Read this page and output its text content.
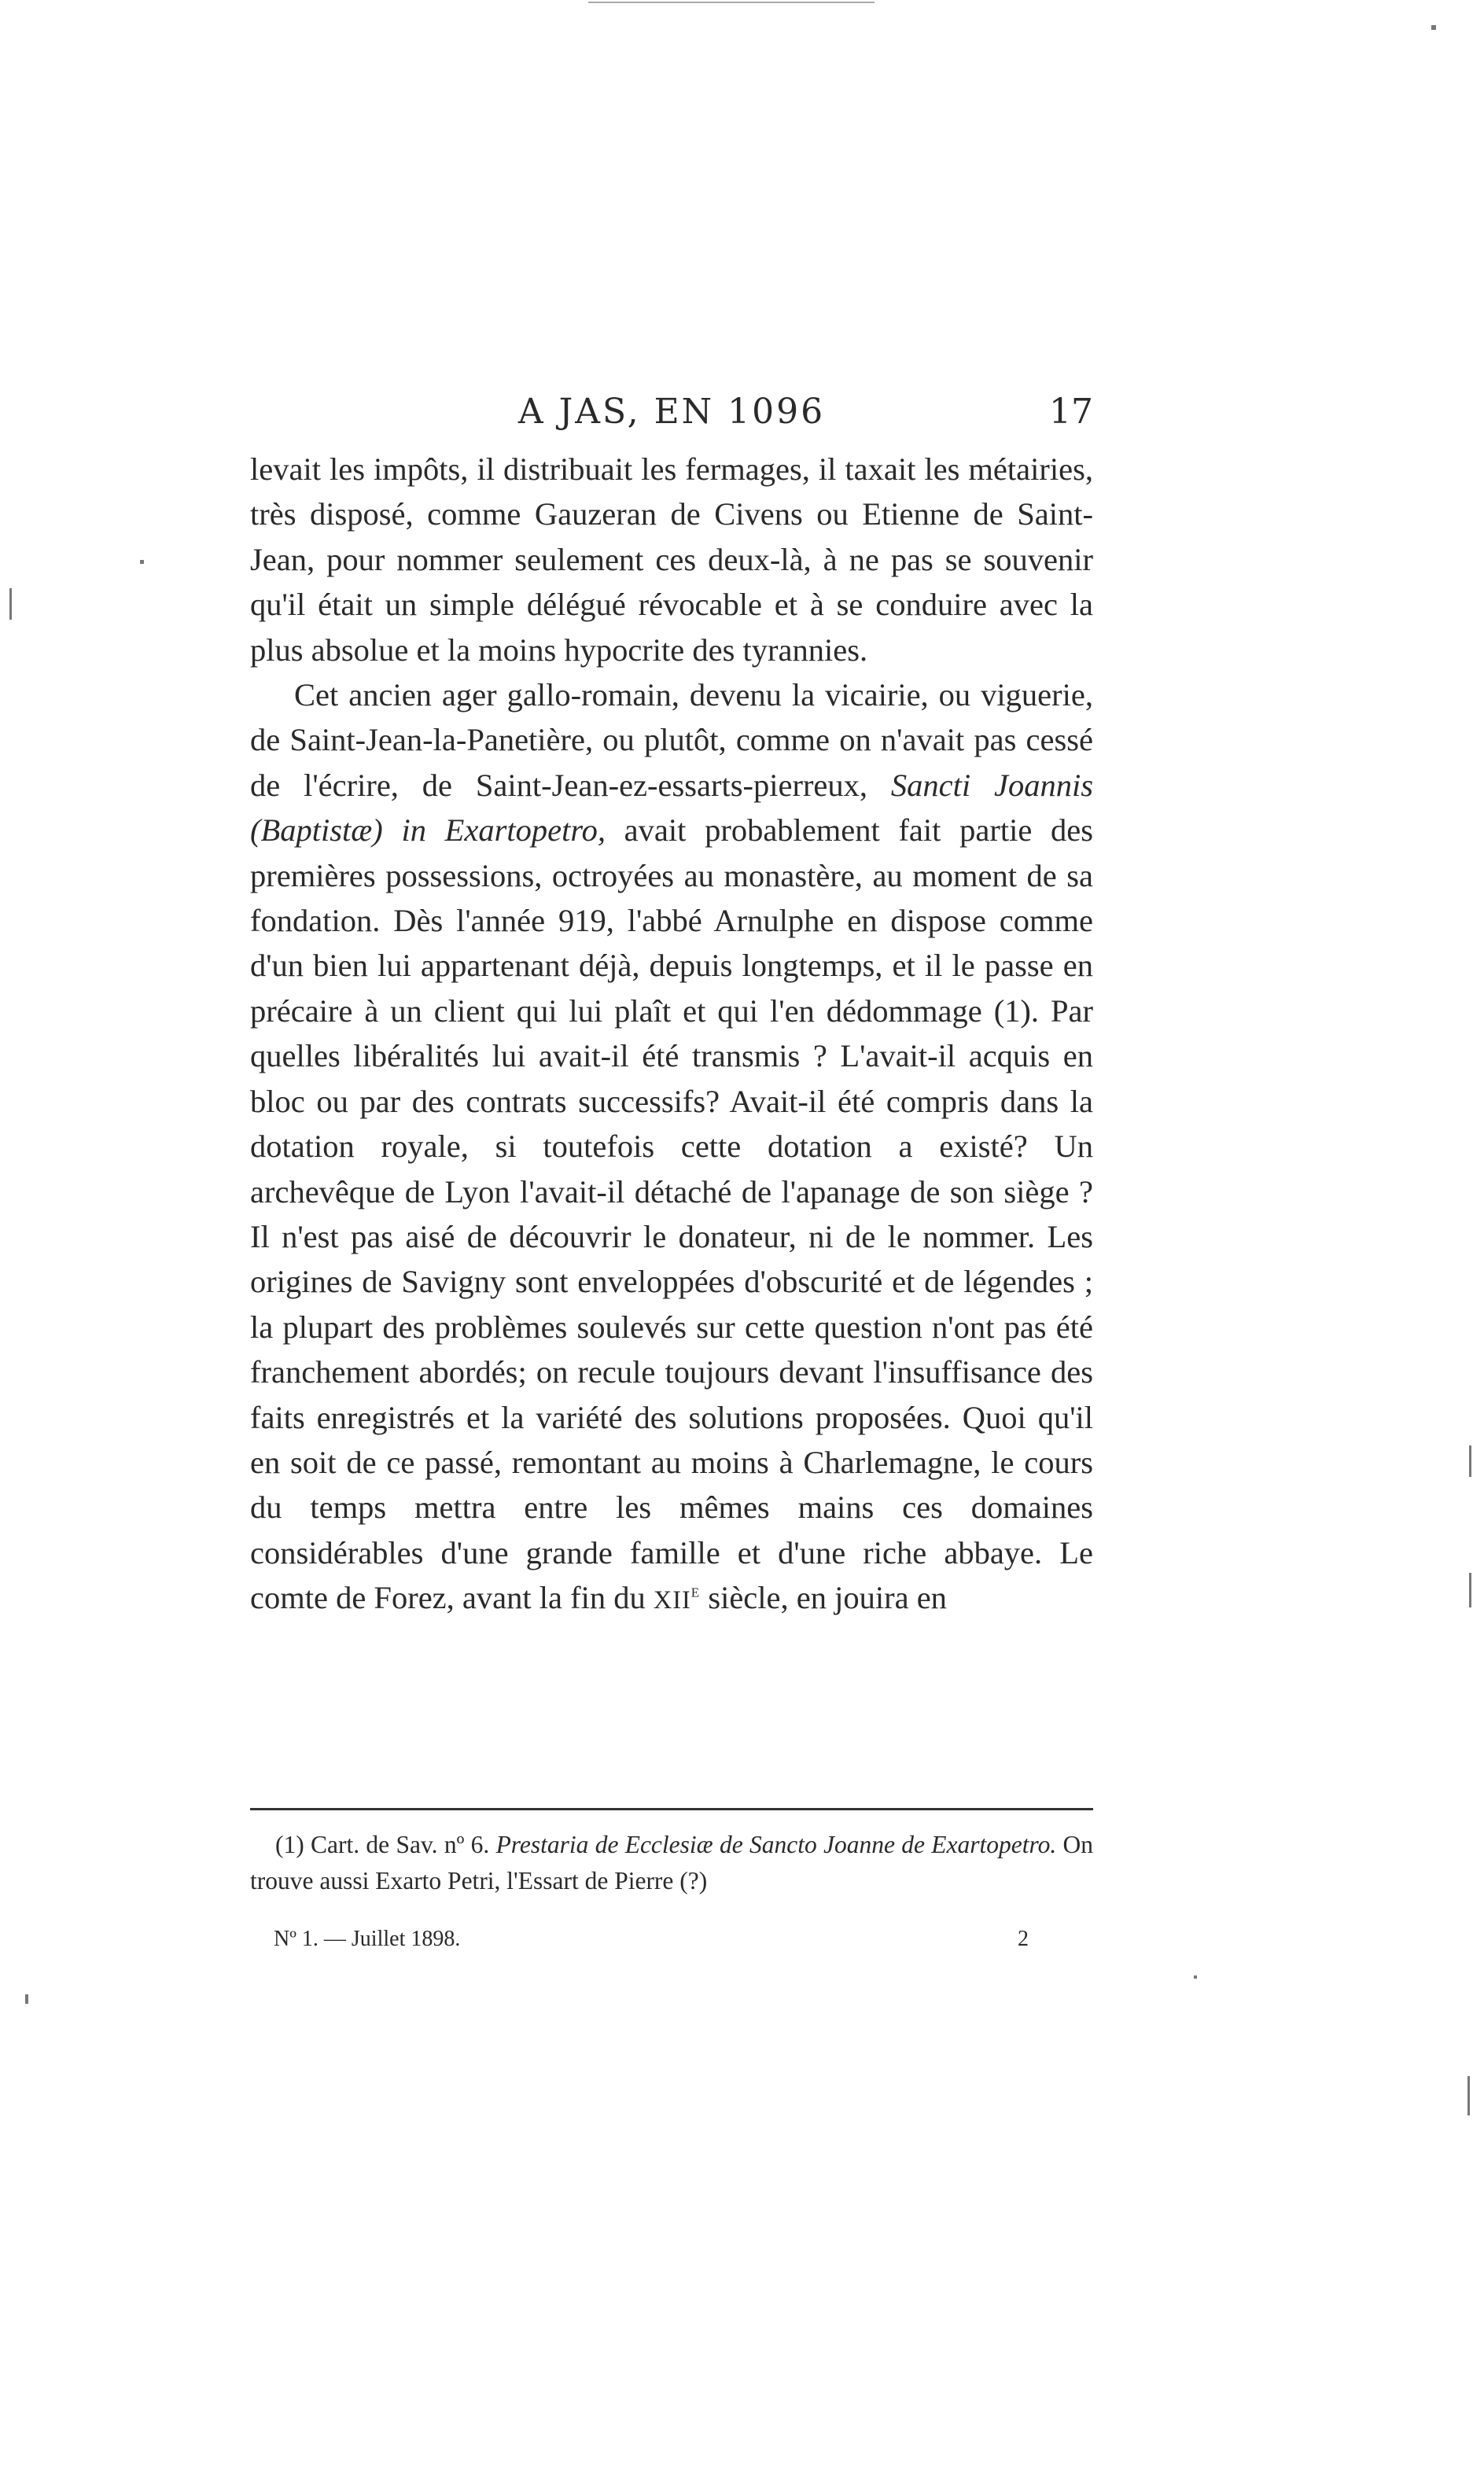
A JAS, EN 1096	17

levait les impôts, il distribuait les fermages, il taxait les métairies, très disposé, comme Gauzeran de Civens ou Etienne de Saint-Jean, pour nommer seulement ces deux-là, à ne pas se souvenir qu'il était un simple délégué révocable et à se conduire avec la plus absolue et la moins hypocrite des tyrannies.

Cet ancien ager gallo-romain, devenu la vicairie, ou viguerie, de Saint-Jean-la-Panetière, ou plutôt, comme on n'avait pas cessé de l'écrire, de Saint-Jean-ez-essarts-pierreux, Sancti Joannis (Baptistæ) in Exartopetro, avait probablement fait partie des premières possessions, octroyées au monastère, au moment de sa fondation. Dès l'année 919, l'abbé Arnulphe en dispose comme d'un bien lui appartenant déjà, depuis longtemps, et il le passe en précaire à un client qui lui plaît et qui l'en dédommage (1). Par quelles libéralités lui avait-il été transmis ? L'avait-il acquis en bloc ou par des contrats successifs? Avait-il été compris dans la dotation royale, si toutefois cette dotation a existé? Un archevêque de Lyon l'avait-il détaché de l'apanage de son siège ? Il n'est pas aisé de découvrir le donateur, ni de le nommer. Les origines de Savigny sont enveloppées d'obscurité et de légendes ; la plupart des problèmes soulevés sur cette question n'ont pas été franchement abordés; on recule toujours devant l'insuffisance des faits enregistrés et la variété des solutions proposées. Quoi qu'il en soit de ce passé, remontant au moins à Charlemagne, le cours du temps mettra entre les mêmes mains ces domaines considérables d'une grande famille et d'une riche abbaye. Le comte de Forez, avant la fin du XIIe siècle, en jouira en

(1) Cart. de Sav. nº 6. Prestaria de Ecclesiæ de Sancto Joanne de Exartopetro. On trouve aussi Exarto Petri, l'Essart de Pierre (?)
Nº 1. — Juillet 1898.	2
